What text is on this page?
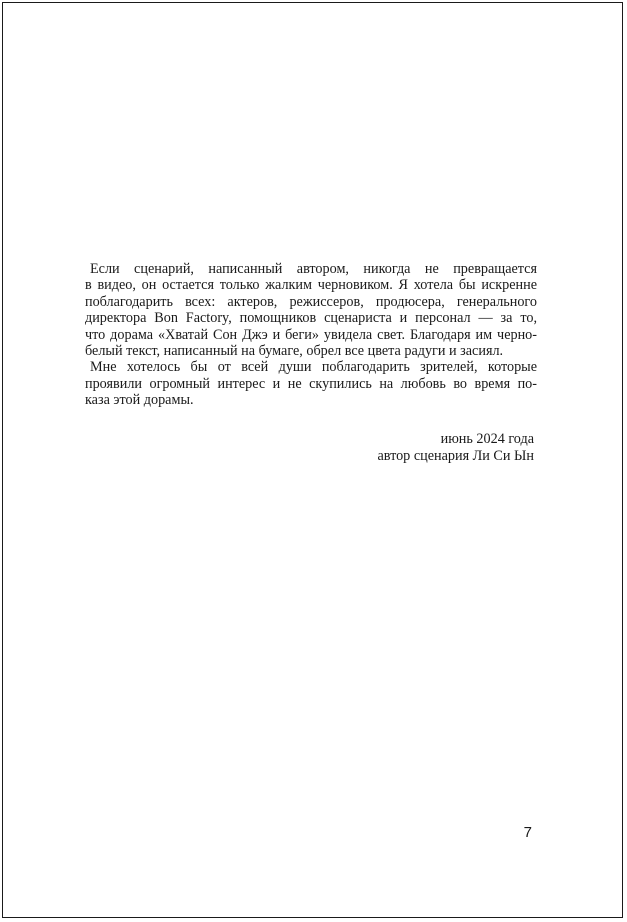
Если сценарий, написанный автором, никогда не превращается
в видео, он остается только жалким черновиком. Я хотела бы искренне
поблагодарить всех: актеров, режиссеров, продюсера, генерального
директора Bon Factory, помощников сценариста и персонал — за то,
что дорама «Хватай Сон Джэ и беги» увидела свет. Благодаря им черно-
белый текст, написанный на бумаге, обрел все цвета радуги и засиял.
Мне хотелось бы от всей души поблагодарить зрителей, которые
проявили огромный интерес и не скупились на любовь во время по-
каза этой дорамы.
июнь 2024 года
автор сценария Ли Си Ын
7
